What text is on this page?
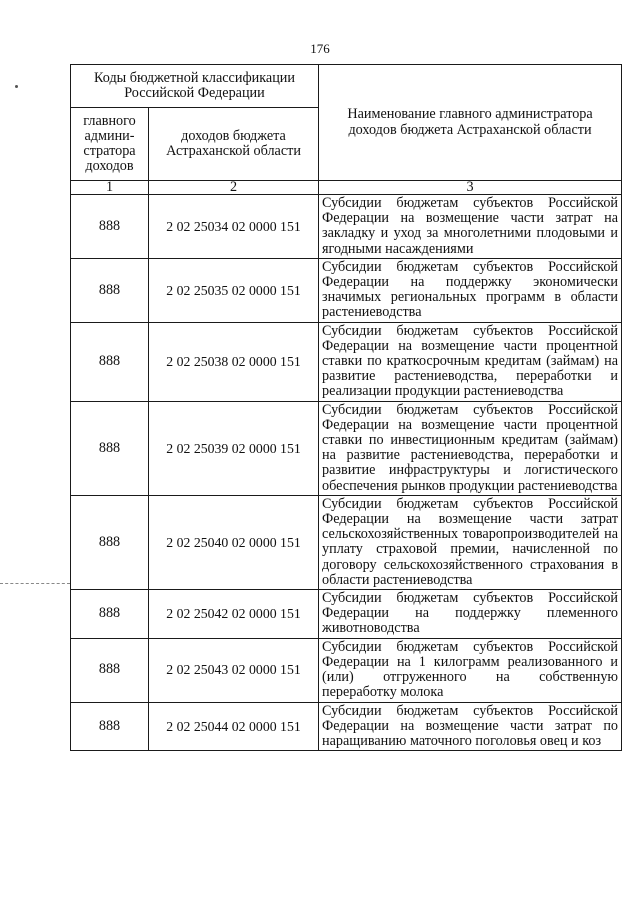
176
Коды бюджетной классификации Российской Федерации		Наименование главного администратора доходов бюджета Астраханской области
главного админи-стратора доходов	доходов бюджета Астраханской области	
1	2	3
888	2 02 25034 02 0000 151	Субсидии бюджетам субъектов Российской Федерации на возмещение части затрат на закладку и уход за многолетними плодовыми и ягодными насаждениями
888	2 02 25035 02 0000 151	Субсидии бюджетам субъектов Российской Федерации на поддержку экономически значимых региональных программ в области растениеводства
888	2 02 25038 02 0000 151	Субсидии бюджетам субъектов Российской Федерации на возмещение части процентной ставки по краткосрочным кредитам (займам) на развитие растениеводства, переработки и реализации продукции растениеводства
888	2 02 25039 02 0000 151	Субсидии бюджетам субъектов Российской Федерации на возмещение части процентной ставки по инвестиционным кредитам (займам) на развитие растениеводства, переработки и развитие инфраструктуры и логистического обеспечения рынков продукции растениеводства
888	2 02 25040 02 0000 151	Субсидии бюджетам субъектов Российской Федерации на возмещение части затрат сельскохозяйственных товаропроизводителей на уплату страховой премии, начисленной по договору сельскохозяйственного страхования в области растениеводства
888	2 02 25042 02 0000 151	Субсидии бюджетам субъектов Российской Федерации на поддержку племенного животноводства
888	2 02 25043 02 0000 151	Субсидии бюджетам субъектов Российской Федерации на 1 килограмм реализованного и (или) отгруженного на собственную переработку молока
888	2 02 25044 02 0000 151	Субсидии бюджетам субъектов Российской Федерации на возмещение части затрат по наращиванию маточного поголовья овец и коз
